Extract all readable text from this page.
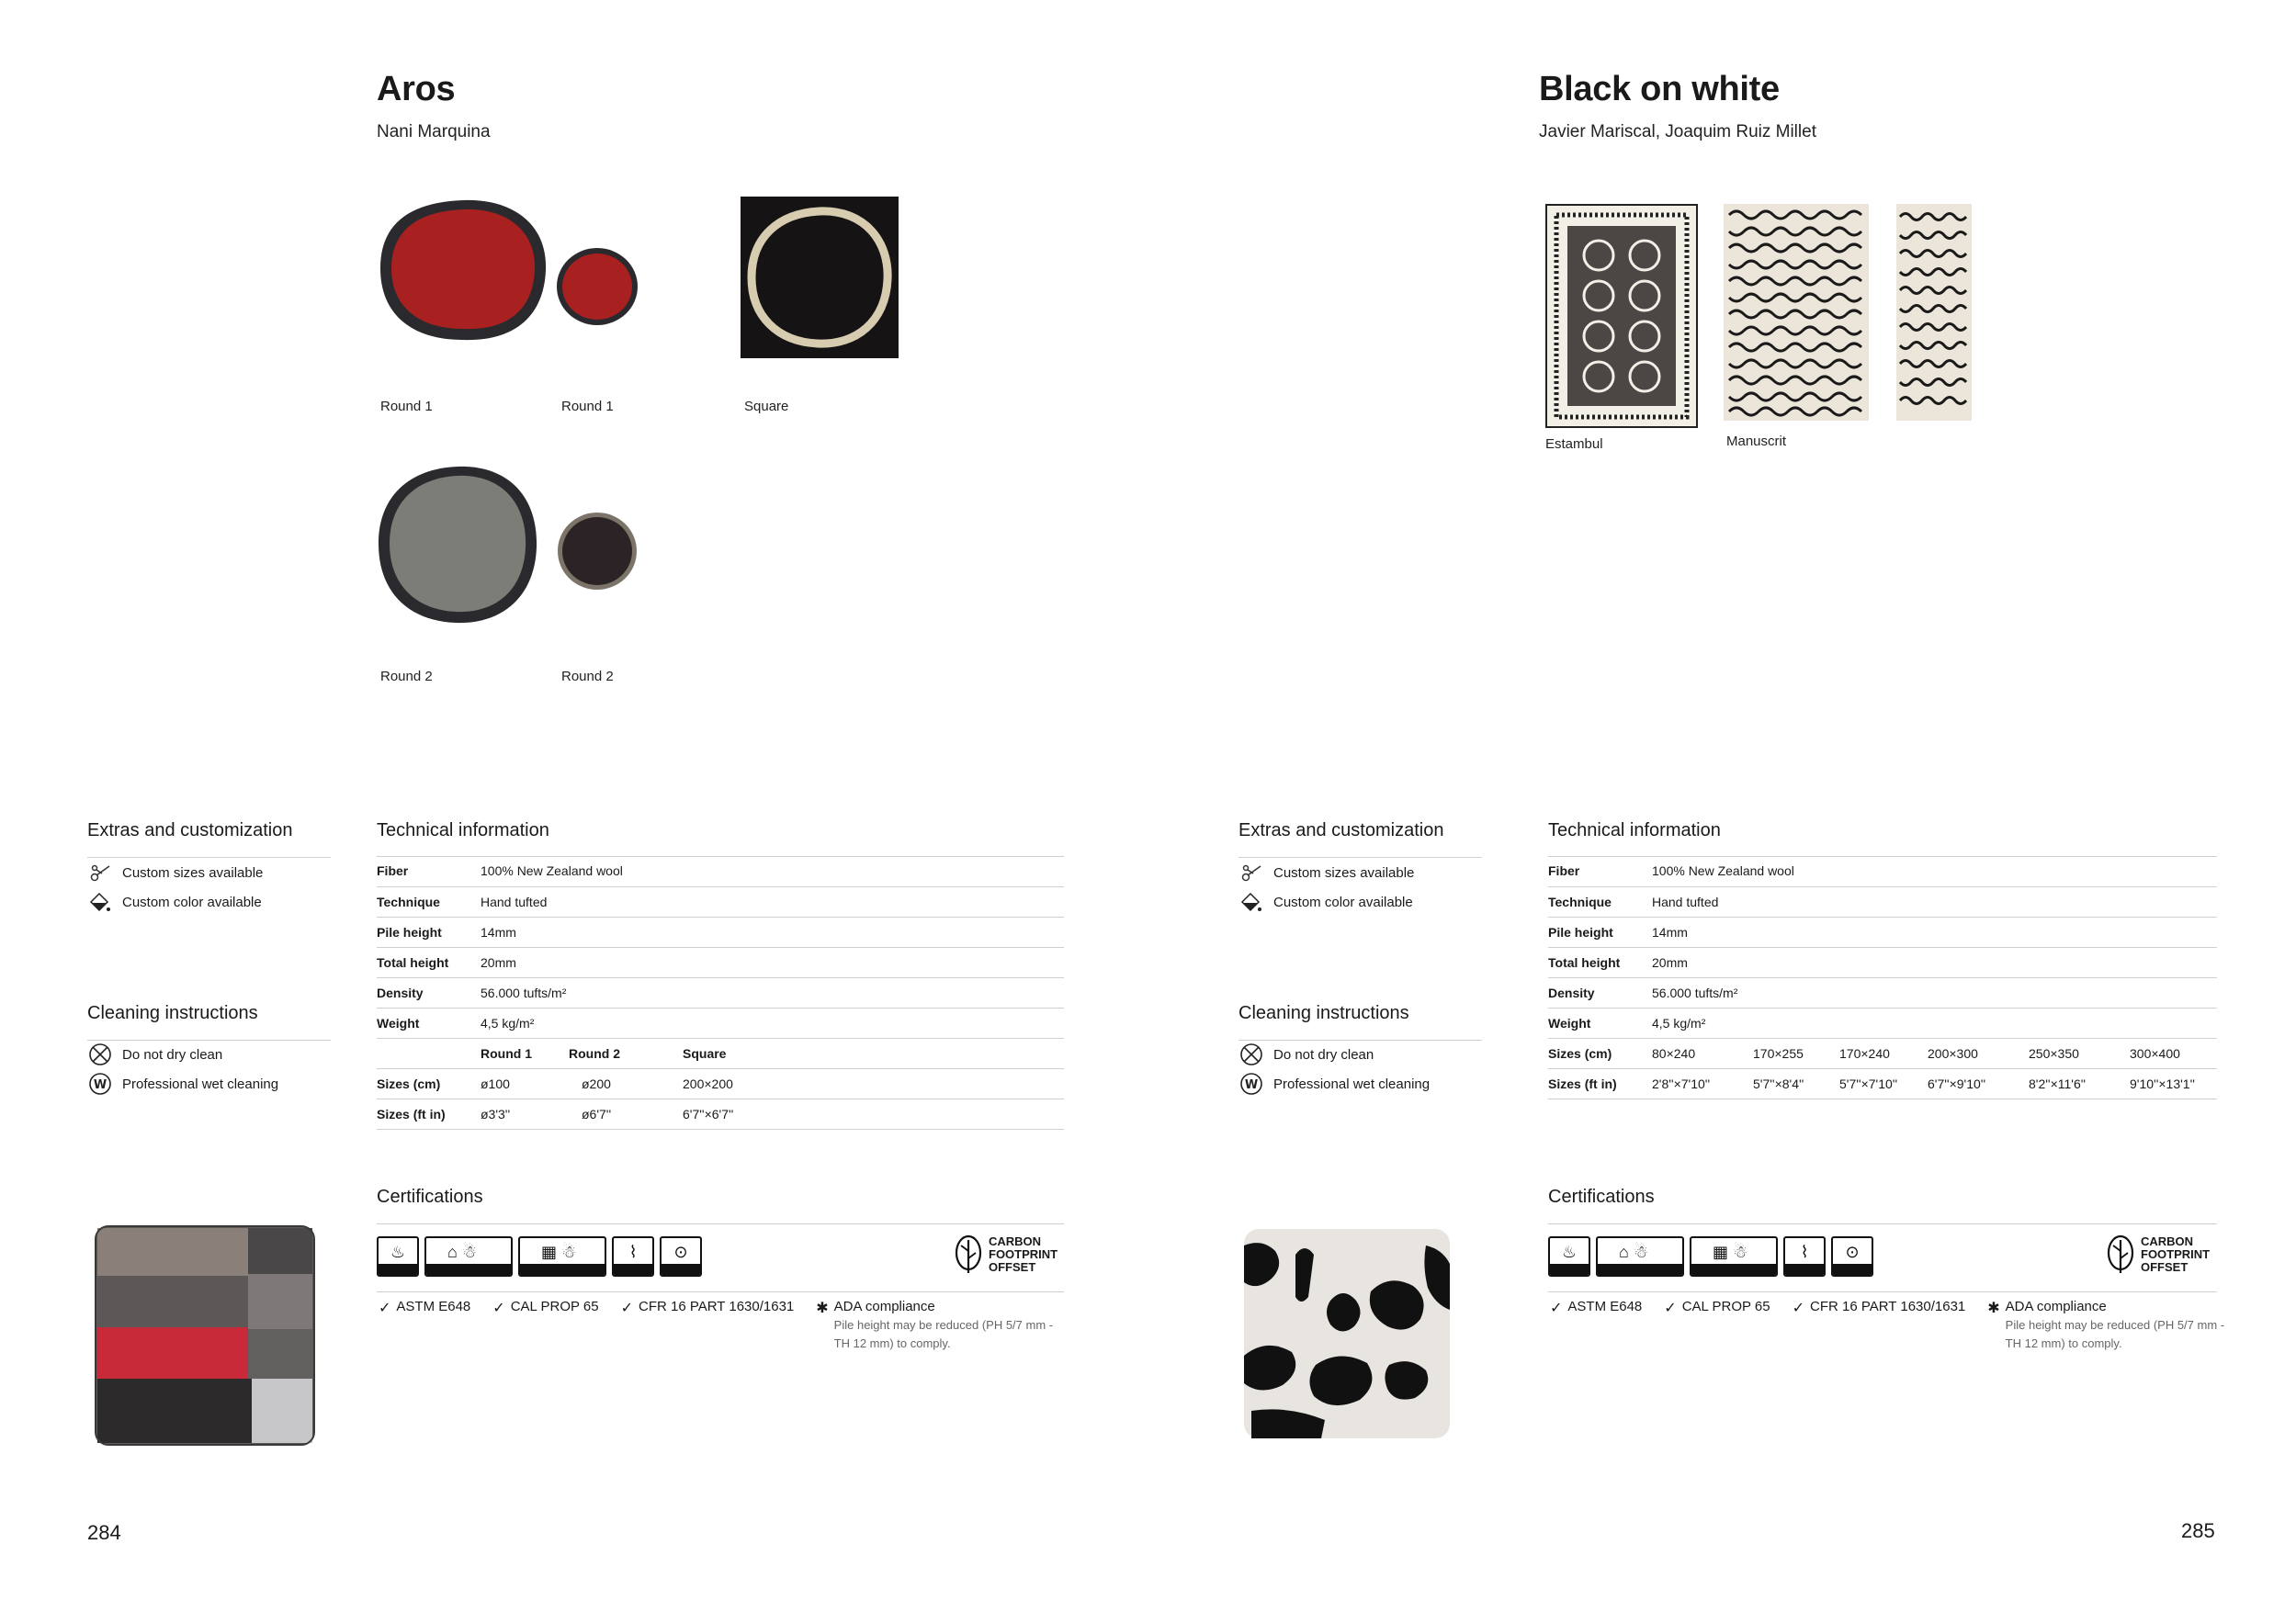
Aros
Nani Marquina
Round 1	Round 1	Square
Round 2	Round 2
Extras and customization
Custom sizes available
Custom color available
Cleaning instructions
Do not dry clean
W Professional wet cleaning
Technical information
Fiber	100% New Zealand wool		
Technique	Hand tufted		
Pile height	14mm		
Total height	20mm		
Density	56.000 tufts/m²		
Weight	4,5 kg/m²		
	Round 1	Round 2	Square
Sizes (cm)	ø100	ø200	200×200
Sizes (ft in)	ø3'3''	ø6'7''	6'7''×6'7''
Certifications
♨	⌂ ☃	▦ ☃	⌇ ⊙
CARBON
FOOTPRINT
OFFSET
✓ ASTM E648 ✓ CAL PROP 65 ✓ CFR 16 PART 1630/1631 ✱ ADA compliance
Pile height may be reduced (PH 5/7 mm - TH 12 mm) to comply.
284
Black on white
Javier Mariscal, Joaquim Ruiz Millet
Estambul	Manuscrit
Extras and customization
Custom sizes available
Custom color available
Cleaning instructions
Do not dry clean
W Professional wet cleaning
Technical information
Fiber	100% New Zealand wool					
Technique	Hand tufted					
Pile height	14mm					
Total height	20mm					
Density	56.000 tufts/m²					
Weight	4,5 kg/m²					
Sizes (cm)	80×240	170×255	170×240	200×300	250×350	300×400
Sizes (ft in)	2'8''×7'10''	5'7''×8'4''	5'7''×7'10''	6'7''×9'10''	8'2''×11'6''	9'10''×13'1''
Certifications
♨	⌂ ☃	▦ ☃	⌇ ⊙
CARBON
FOOTPRINT
OFFSET
✓ ASTM E648 ✓ CAL PROP 65 ✓ CFR 16 PART 1630/1631 ✱ ADA compliance
Pile height may be reduced (PH 5/7 mm - TH 12 mm) to comply.
285
